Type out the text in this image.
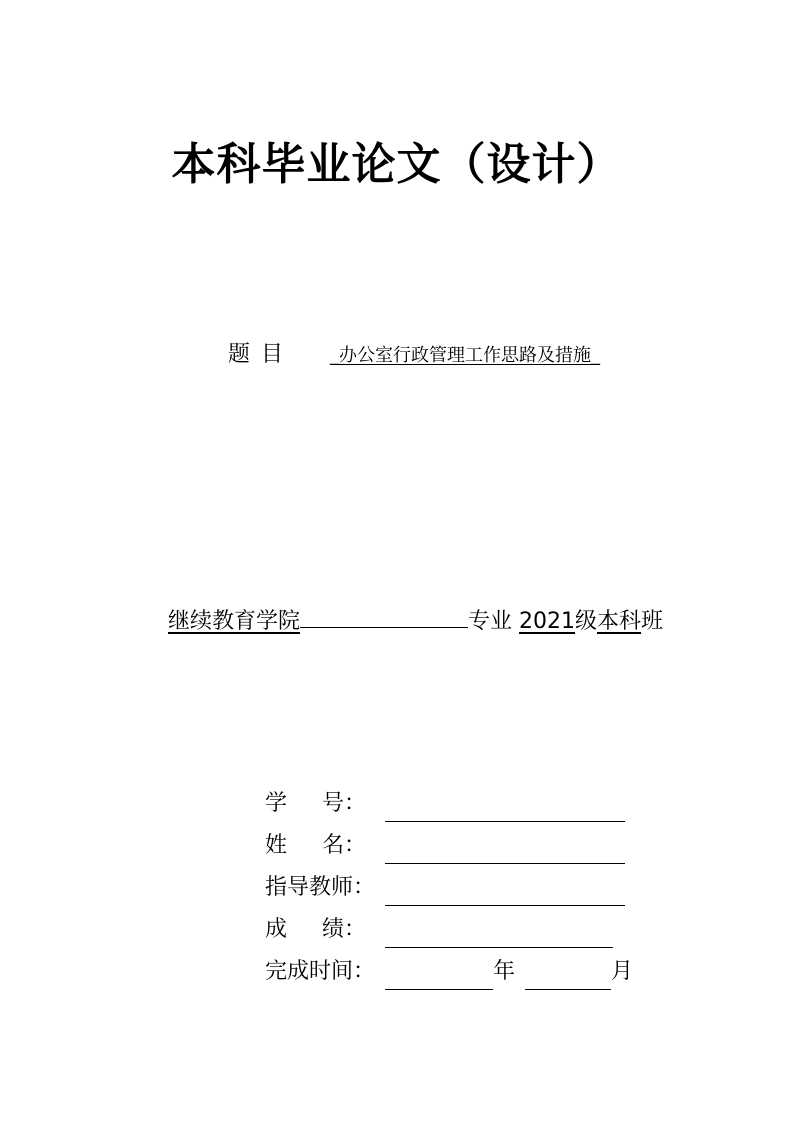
本科毕业论文（设计）
题 目	_办公室行政管理工作思路及措施_
继续教育学院	专业 2021级本科班
学     号：
姓     名：
指导教师：
成     绩：
完成时间：	年	月
